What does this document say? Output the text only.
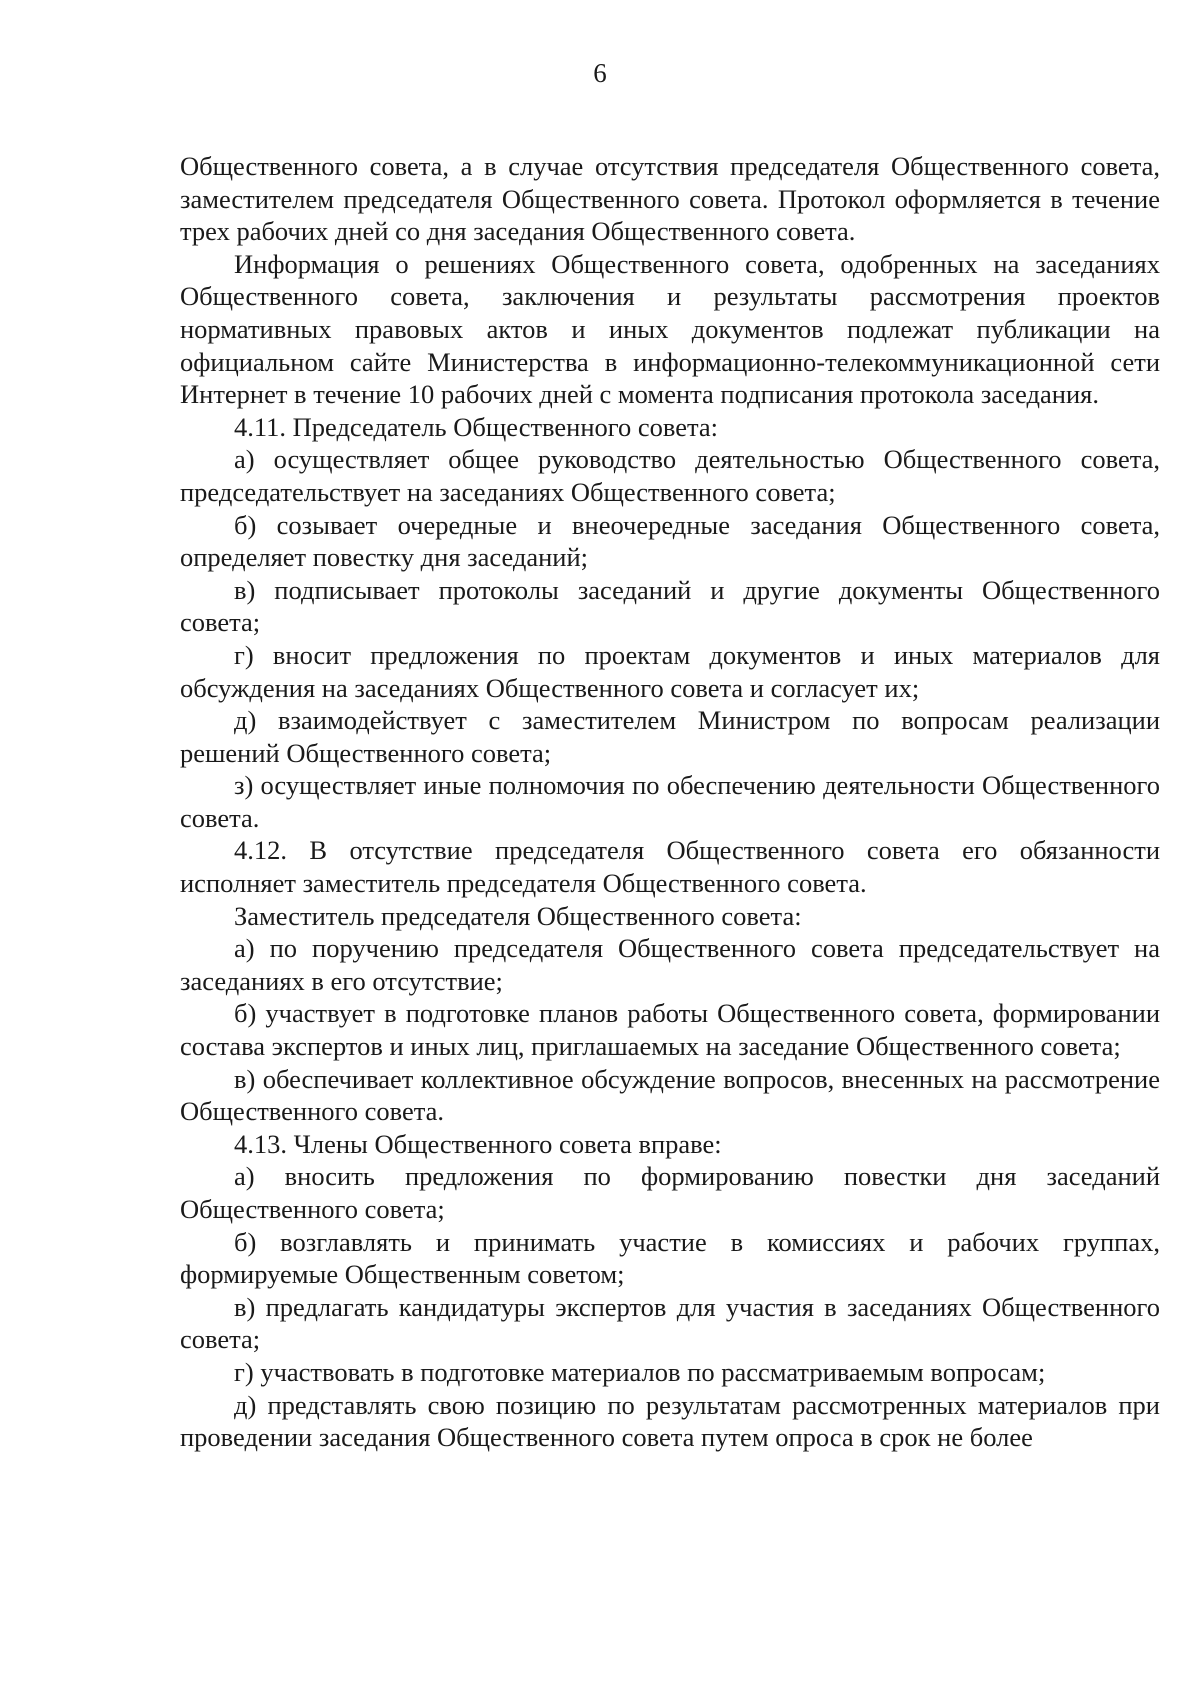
6

Общественного совета, а в случае отсутствия председателя Общественного совета, заместителем председателя Общественного совета. Протокол оформляется в течение трех рабочих дней со дня заседания Общественного совета.

Информация о решениях Общественного совета, одобренных на заседаниях Общественного совета, заключения и результаты рассмотрения проектов нормативных правовых актов и иных документов подлежат публикации на официальном сайте Министерства в информационно-телекоммуникационной сети Интернет в течение 10 рабочих дней с момента подписания протокола заседания.

4.11. Председатель Общественного совета:

а) осуществляет общее руководство деятельностью Общественного совета, председательствует на заседаниях Общественного совета;

б) созывает очередные и внеочередные заседания Общественного совета, определяет повестку дня заседаний;

в) подписывает протоколы заседаний и другие документы Общественного совета;

г) вносит предложения по проектам документов и иных материалов для обсуждения на заседаниях Общественного совета и согласует их;

д) взаимодействует с заместителем Министром по вопросам реализации решений Общественного совета;

з) осуществляет иные полномочия по обеспечению деятельности Общественного совета.

4.12. В отсутствие председателя Общественного совета его обязанности исполняет заместитель председателя Общественного совета.

Заместитель председателя Общественного совета:

а) по поручению председателя Общественного совета председательствует на заседаниях в его отсутствие;

б) участвует в подготовке планов работы Общественного совета, формировании состава экспертов и иных лиц, приглашаемых на заседание Общественного совета;

в) обеспечивает коллективное обсуждение вопросов, внесенных на рассмотрение Общественного совета.

4.13. Члены Общественного совета вправе:

а) вносить предложения по формированию повестки дня заседаний Общественного совета;

б) возглавлять и принимать участие в комиссиях и рабочих группах, формируемые Общественным советом;

в) предлагать кандидатуры экспертов для участия в заседаниях Общественного совета;

г) участвовать в подготовке материалов по рассматриваемым вопросам;

д) представлять свою позицию по результатам рассмотренных материалов при проведении заседания Общественного совета путем опроса в срок не более
